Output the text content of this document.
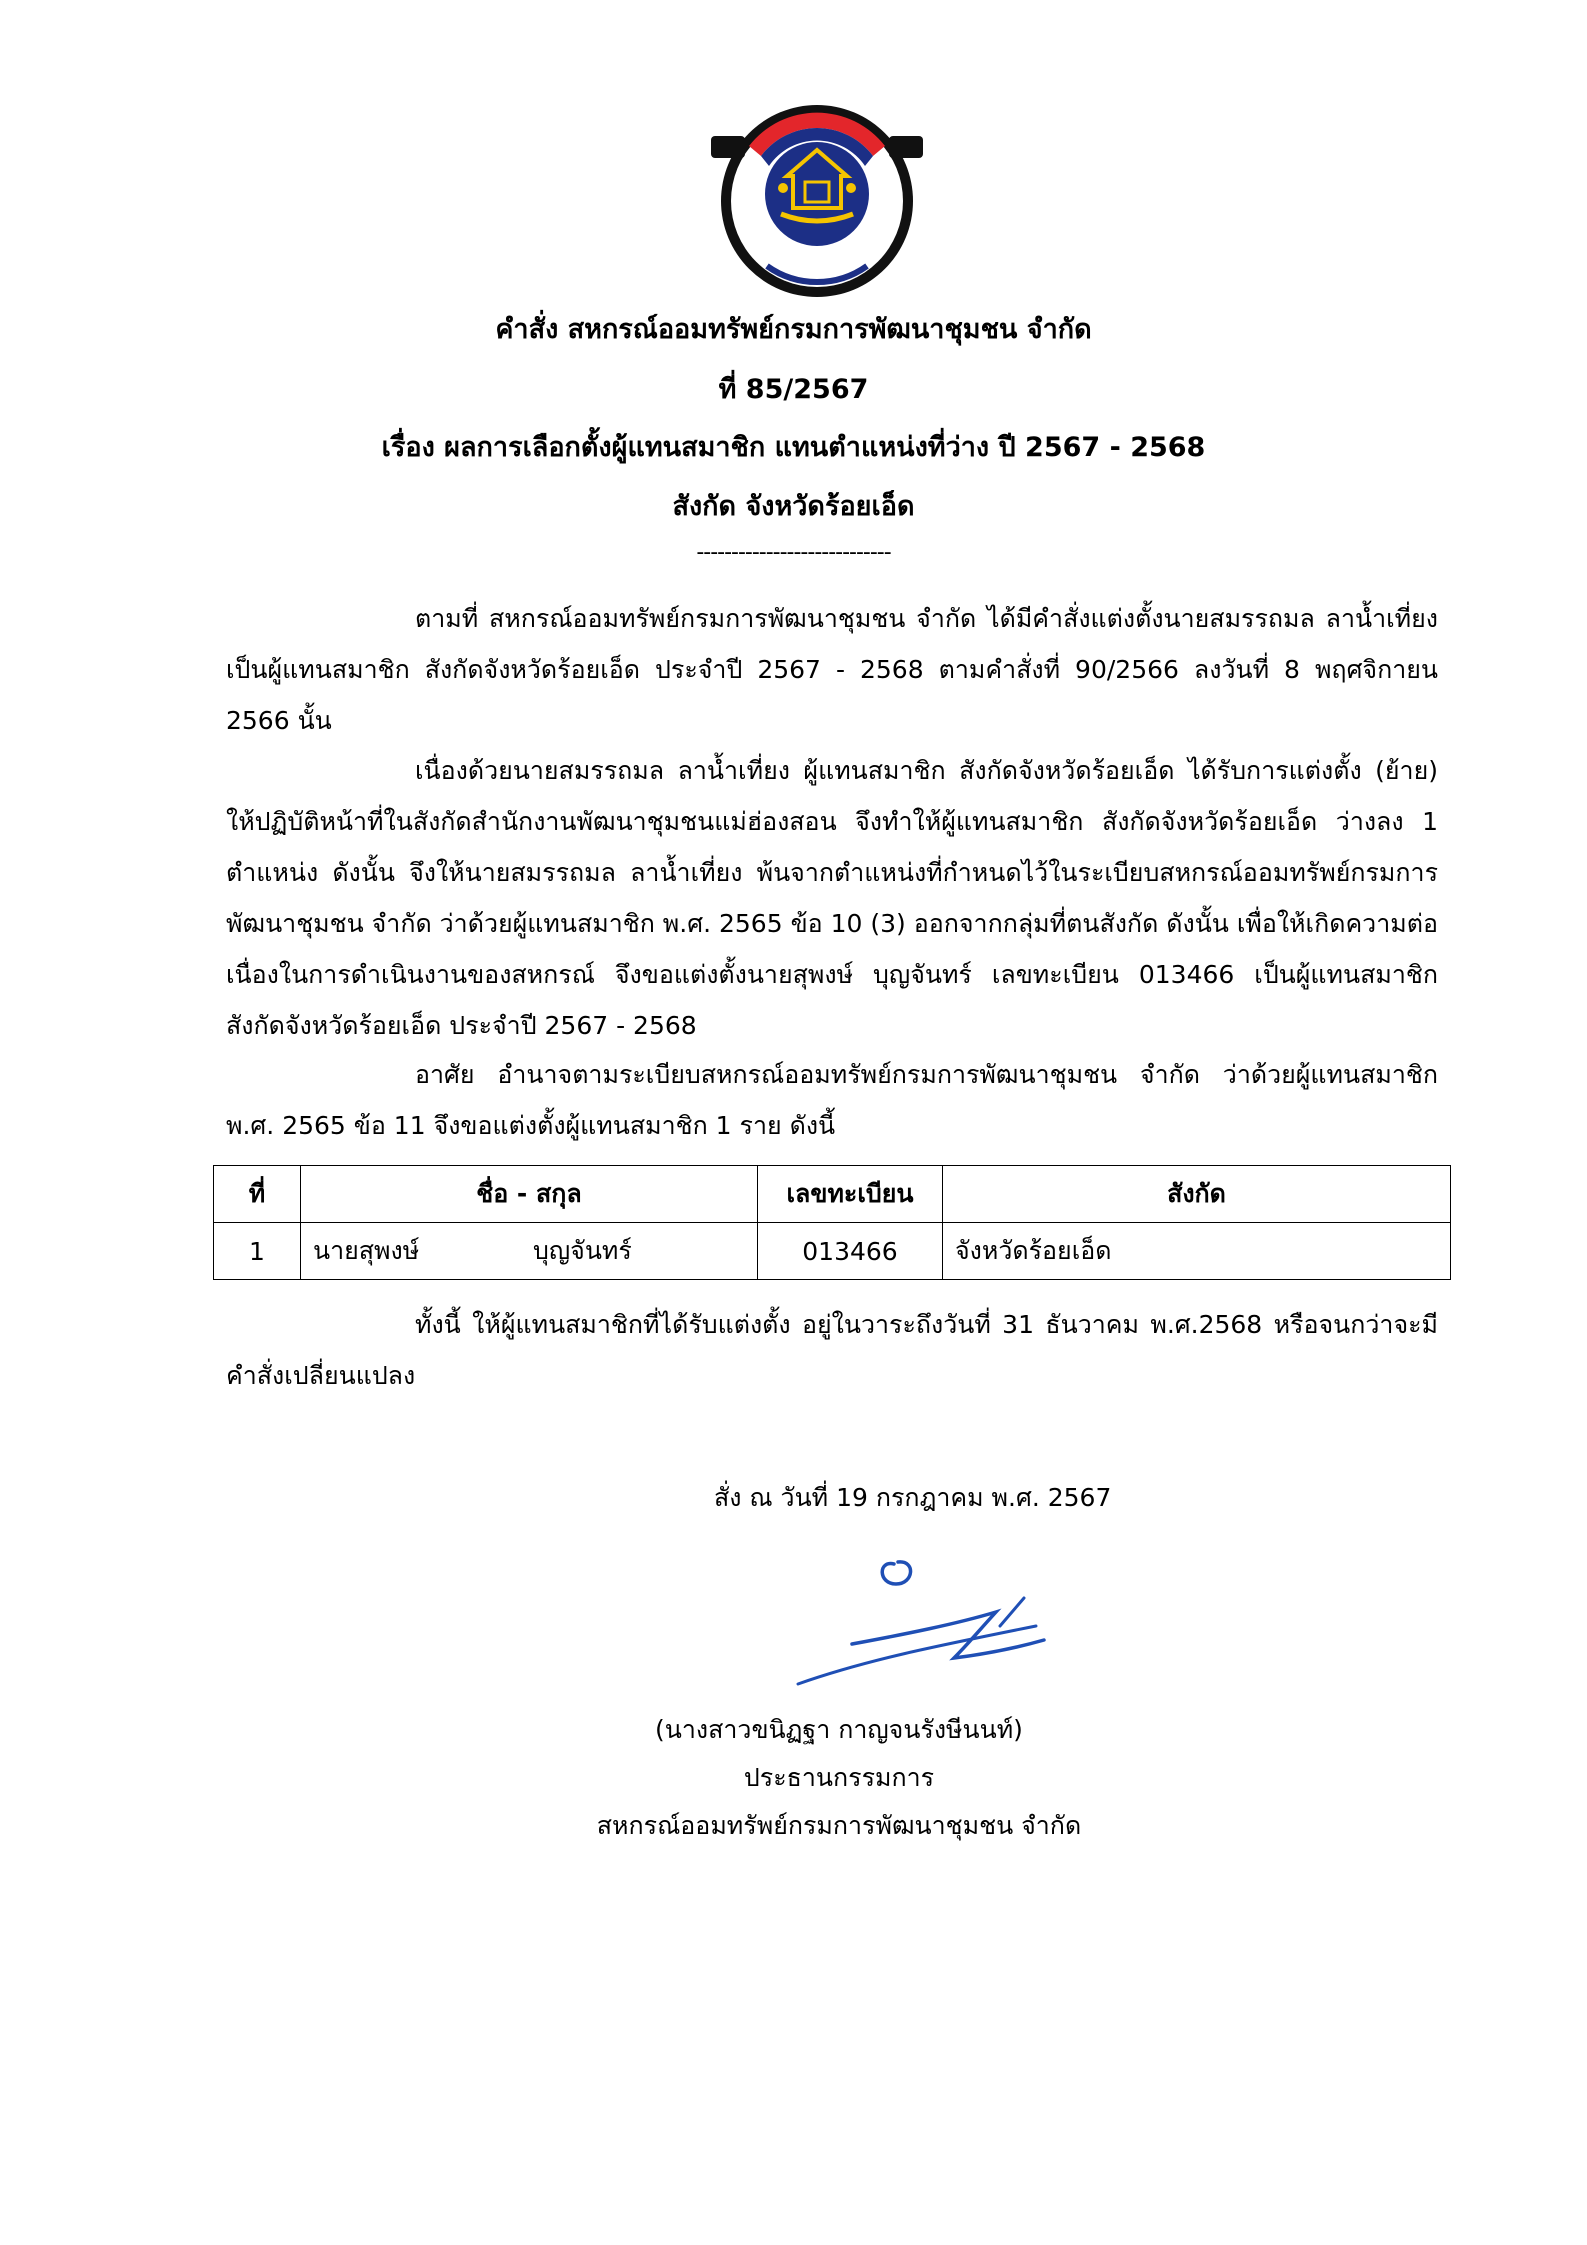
คำสั่ง สหกรณ์ออมทรัพย์กรมการพัฒนาชุมชน จำกัด
ที่ 85/2567
เรื่อง ผลการเลือกตั้งผู้แทนสมาชิก แทนตำแหน่งที่ว่าง ปี 2567 - 2568
สังกัด จังหวัดร้อยเอ็ด
----------------------------

ตามที่ สหกรณ์ออมทรัพย์กรมการพัฒนาชุมชน จำกัด ได้มีคำสั่งแต่งตั้งนายสมรรถมล ลาน้ำเที่ยง เป็นผู้แทนสมาชิก สังกัดจังหวัดร้อยเอ็ด ประจำปี 2567 - 2568 ตามคำสั่งที่ 90/2566 ลงวันที่ 8 พฤศจิกายน 2566 นั้น

เนื่องด้วยนายสมรรถมล ลาน้ำเที่ยง ผู้แทนสมาชิก สังกัดจังหวัดร้อยเอ็ด ได้รับการแต่งตั้ง (ย้าย) ให้ปฏิบัติหน้าที่ในสังกัดสำนักงานพัฒนาชุมชนแม่ฮ่องสอน จึงทำให้ผู้แทนสมาชิก สังกัดจังหวัดร้อยเอ็ด ว่างลง 1 ตำแหน่ง ดังนั้น จึงให้นายสมรรถมล ลาน้ำเที่ยง พ้นจากตำแหน่งที่กำหนดไว้ในระเบียบสหกรณ์ออมทรัพย์กรมการพัฒนาชุมชน จำกัด ว่าด้วยผู้แทนสมาชิก พ.ศ. 2565 ข้อ 10 (3) ออกจากกลุ่มที่ตนสังกัด ดังนั้น เพื่อให้เกิดความต่อเนื่องในการดำเนินงานของสหกรณ์ จึงขอแต่งตั้งนายสุพงษ์ บุญจันทร์ เลขทะเบียน 013466 เป็นผู้แทนสมาชิก สังกัดจังหวัดร้อยเอ็ด ประจำปี 2567 - 2568

อาศัย อำนาจตามระเบียบสหกรณ์ออมทรัพย์กรมการพัฒนาชุมชน จำกัด ว่าด้วยผู้แทนสมาชิก พ.ศ. 2565 ข้อ 11 จึงขอแต่งตั้งผู้แทนสมาชิก 1 ราย ดังนี้

ที่	ชื่อ - สกุล	เลขทะเบียน	สังกัด
1	นายสุพงษ์ บุญจันทร์	013466	จังหวัดร้อยเอ็ด

ทั้งนี้ ให้ผู้แทนสมาชิกที่ได้รับแต่งตั้ง อยู่ในวาระถึงวันที่ 31 ธันวาคม พ.ศ.2568 หรือจนกว่าจะมีคำสั่งเปลี่ยนแปลง

สั่ง ณ วันที่ 19 กรกฎาคม พ.ศ. 2567
(นางสาวขนิฏฐา กาญจนรังษีนนท์)
ประธานกรรมการ
สหกรณ์ออมทรัพย์กรมการพัฒนาชุมชน จำกัด
